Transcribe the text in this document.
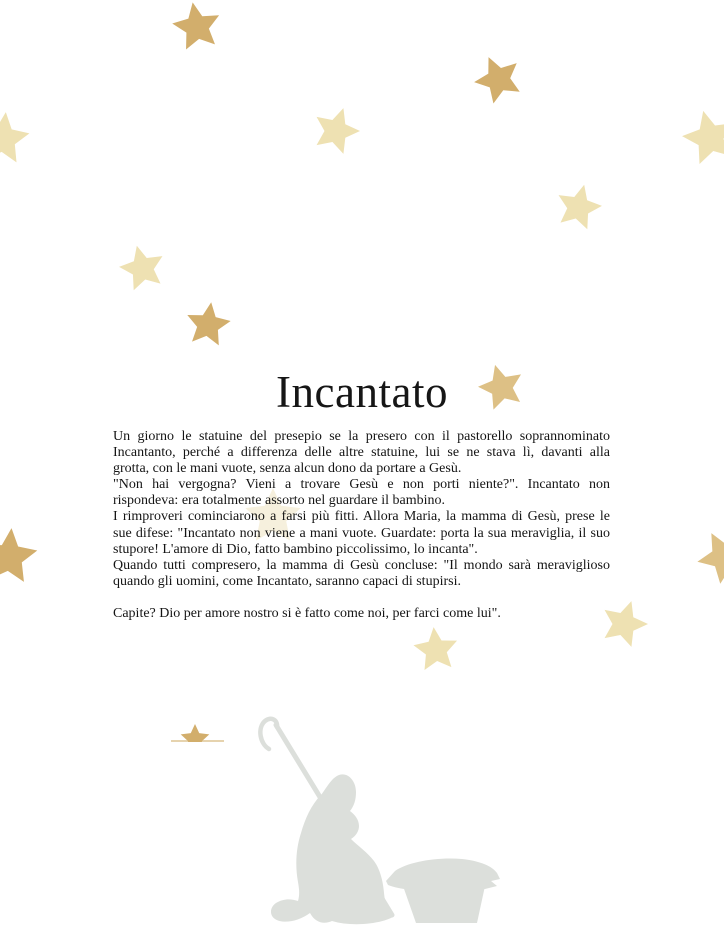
Incantato
Un giorno le statuine del presepio se la presero con il pastorello soprannominato
Incantanto, perché a differenza delle altre statuine, lui se ne stava lì, davanti alla
grotta, con le mani vuote, senza alcun dono da portare a Gesù.
"Non hai vergogna? Vieni a trovare Gesù e non porti niente?". Incantato non
rispondeva: era totalmente assorto nel guardare il bambino.
I rimproveri cominciarono a farsi più fitti. Allora Maria, la mamma di Gesù, prese le
sue difese: "Incantato non viene a mani vuote. Guardate: porta la sua meraviglia, il suo
stupore! L'amore di Dio, fatto bambino piccolissimo, lo incanta".
Quando tutti compresero, la mamma di Gesù concluse: "Il mondo sarà meraviglioso
quando gli uomini, come Incantato, saranno capaci di stupirsi.
Capite? Dio per amore nostro si è fatto come noi, per farci come lui".
